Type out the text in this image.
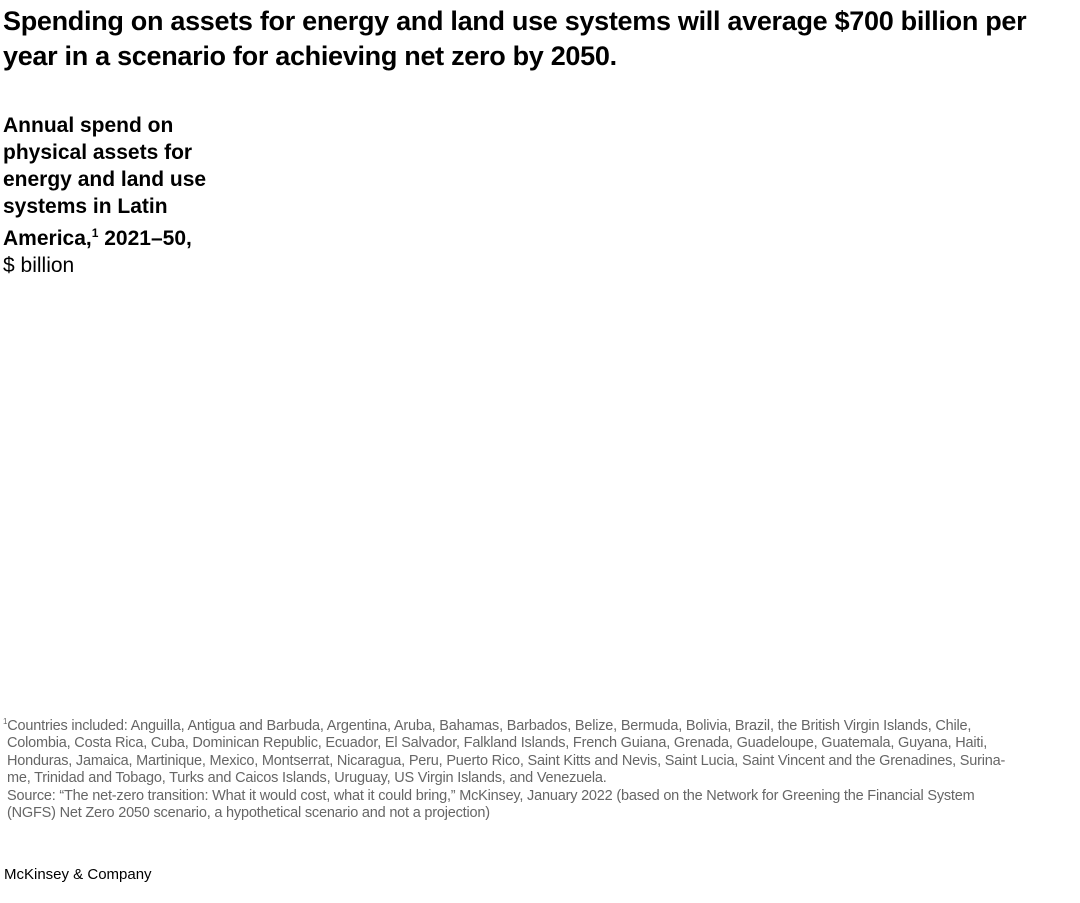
Spending on assets for energy and land use systems will average $700 billion per year in a scenario for achieving net zero by 2050.
Annual spend on physical assets for energy and land use systems in Latin America,$^1$ 2021–50,
$ billion
$^1$Countries included: Anguilla, Antigua and Barbuda, Argentina, Aruba, Bahamas, Barbados, Belize, Bermuda, Bolivia, Brazil, the British Virgin Islands, Chile,
Colombia, Costa Rica, Cuba, Dominican Republic, Ecuador, El Salvador, Falkland Islands, French Guiana, Grenada, Guadeloupe, Guatemala, Guyana, Haiti,
Honduras, Jamaica, Martinique, Mexico, Montserrat, Nicaragua, Peru, Puerto Rico, Saint Kitts and Nevis, Saint Lucia, Saint Vincent and the Grenadines, Surina-
me, Trinidad and Tobago, Turks and Caicos Islands, Uruguay, US Virgin Islands, and Venezuela.
Source: “The net-zero transition: What it would cost, what it could bring,” McKinsey, January 2022 (based on the Network for Greening the Financial System
(NGFS) Net Zero 2050 scenario, a hypothetical scenario and not a projection)
McKinsey & Company
